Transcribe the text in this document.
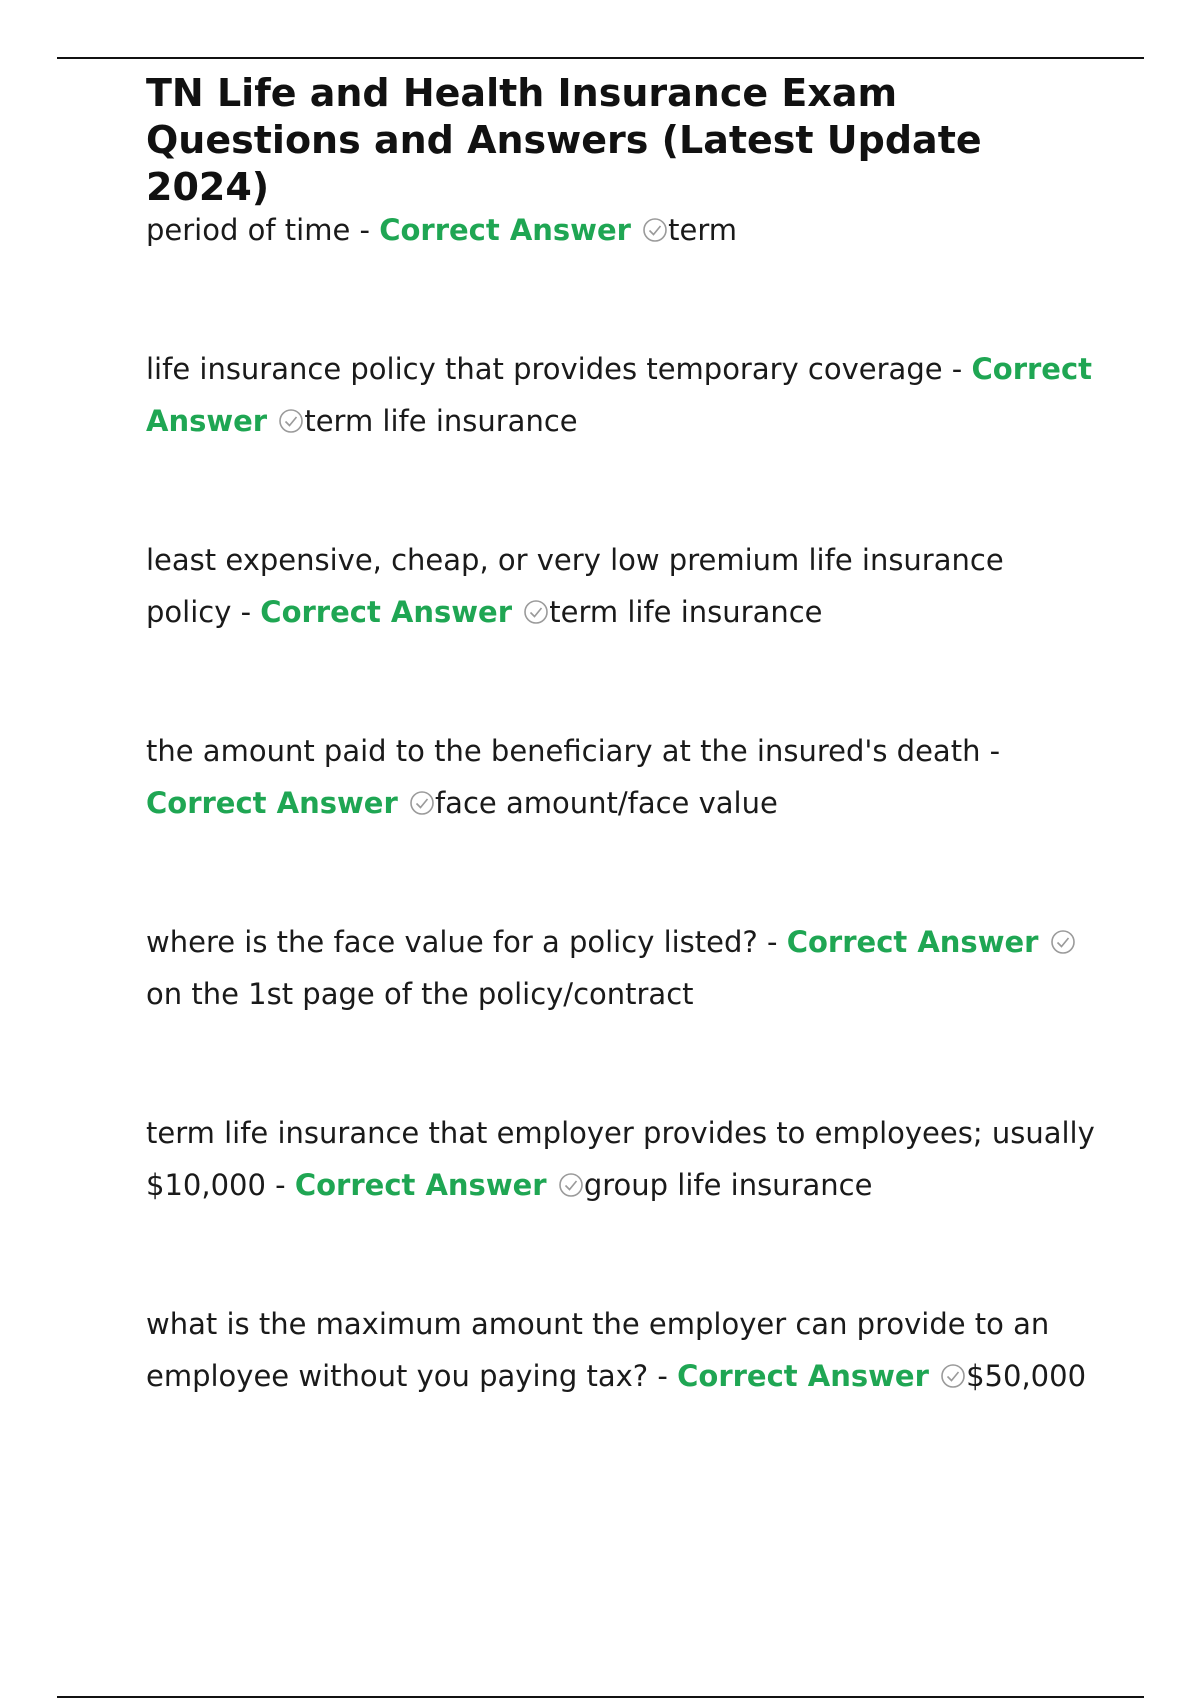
TN Life and Health Insurance Exam Questions and Answers (Latest Update 2024)

period of time - Correct Answer term

life insurance policy that provides temporary coverage - Correct Answer term life insurance

least expensive, cheap, or very low premium life insurance policy - Correct Answer term life insurance

the amount paid to the beneficiary at the insured's death - Correct Answer face amount/face value

where is the face value for a policy listed? - Correct Answer
on the 1st page of the policy/contract

term life insurance that employer provides to employees; usually $10,000 - Correct Answer group life insurance

what is the maximum amount the employer can provide to an employee without you paying tax? - Correct Answer $50,000
